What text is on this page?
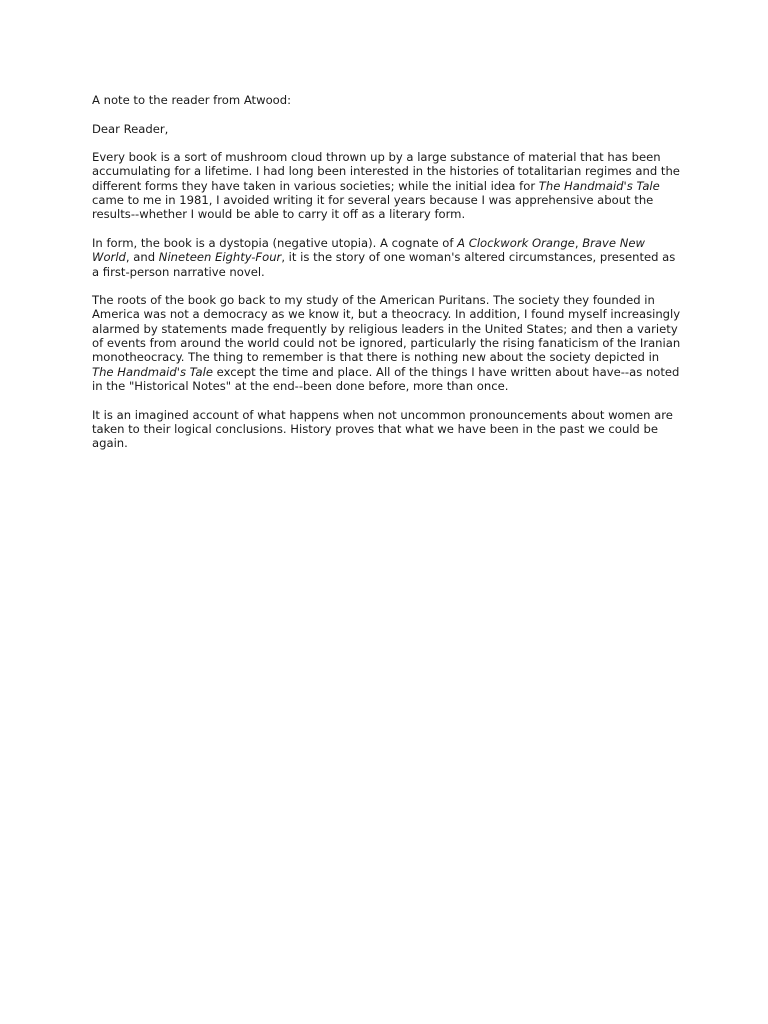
A note to the reader from Atwood:

Dear Reader,

Every book is a sort of mushroom cloud thrown up by a large substance of material that has been accumulating for a lifetime. I had long been interested in the histories of totalitarian regimes and the different forms they have taken in various societies; while the initial idea for The Handmaid's Tale came to me in 1981, I avoided writing it for several years because I was apprehensive about the results--whether I would be able to carry it off as a literary form.

In form, the book is a dystopia (negative utopia). A cognate of A Clockwork Orange, Brave New World, and Nineteen Eighty-Four, it is the story of one woman's altered circumstances, presented as a first-person narrative novel.

The roots of the book go back to my study of the American Puritans. The society they founded in America was not a democracy as we know it, but a theocracy. In addition, I found myself increasingly alarmed by statements made frequently by religious leaders in the United States; and then a variety of events from around the world could not be ignored, particularly the rising fanaticism of the Iranian monotheocracy. The thing to remember is that there is nothing new about the society depicted in The Handmaid's Tale except the time and place. All of the things I have written about have--as noted in the "Historical Notes" at the end--been done before, more than once.

It is an imagined account of what happens when not uncommon pronouncements about women are taken to their logical conclusions. History proves that what we have been in the past we could be again.
